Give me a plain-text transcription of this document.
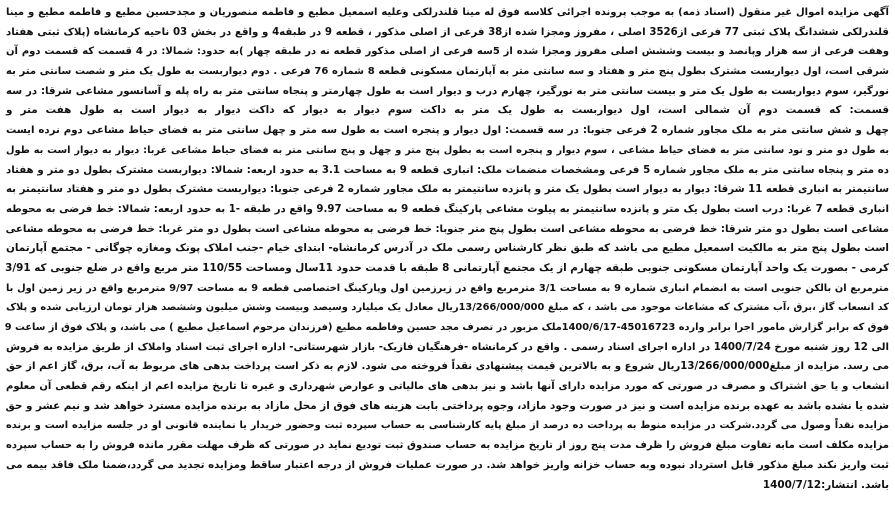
آگهی مزایده اموال غیر منقول (اسناد ذمه) به موجب پرونده اجرائی کلاسه فوق له مینا قلندرلکی وعلیه اسمعیل مطیع و فاطمه منصوریان و مجدحسین مطیع و فاطمه مطیع و مینا
قلندرلکی ششدانگ پلاک ثبتی 77 فرعی از3526 اصلی ، مفروز ومجزا شده از38 فرعی از اصلی مذکور ، قطعه 9 در طبقه4 و واقع در بخش 03 ناحیه کرمانشاه (پلاک ثبتی هفتاد
وهفت فرعی از سه هزار وپانصد و بیست وششش اصلی مفروز ومجزا شده از 5سه فرعی از اصلی مذکور قطعه نه در طبقه چهار )به حدود: شمالا: در 4 قسمت که قسمت دوم آن
شرقی است، اول دیواربست مشترک بطول پنج متر و هفتاد و سه سانتی متر به آپارتمان مسکونی قطعه 8 شماره 76 فرعی . دوم دیواربست به طول یک متر و شصت سانتی متر به
نورگیر، سوم دیواربست به طول یک متر و بیست سانتی متر به نورگیر، چهارم درب و دیوار است به طول چهارمتر و پنجاه سانتی متر به راه پله و آسانسور مشاعی شرقا: در سه
قسمت: که قسمت دوم آن شمالی است، اول دیواربست به طول یک متر به داکت سوم دیوار به دیوار که داکت دیوار به دیوار است به طول هفت متر و
چهل و شش سانتی متر به ملک مجاور شماره 2 فرعی جنوبا: در سه قسمت: اول دیوار و پنجره است به طول سه متر و چهل سانتی متر به فضای حیاط مشاعی دوم نرده ایست
به طول دو متر و نود سانتی متر به فضای حیاط مشاعی ، سوم دیوار و پنجره است به بطول پنج متر و چهل و پنج سانتی متر به فضای حیاط مشاعی غربا: دیوار به دیوار است به طول
ده متر و پنجاه سانتی متر به ملک مجاور شماره 5 فرعی ومشخصات منضمات ملک: انباری قطعه 9 به مساحت 3.1 به حدود اربعه: شمالا: دیواربست مشترک بطول دو متر و هفتاد
سانتیمتر به انباری قطعه 11 شرقا: دیوار به دیوار است بطول یک متر و پانزده سانتیمتر به ملک مجاور شماره 2 فرعی جنوبا: دیواربست مشترک بطول دو متر و هفتاد سانتیمتر به
انباری قطعه 7 غربا: درب است بطول یک متر و پانزده سانتیمتر به پیلوت مشاعی پارکینگ قطعه 9 به مساحت 9.97 واقع در طبقه -1 به حدود اربعه: شمالا: خط فرضی به محوطه
مشاعی است بطول دو متر شرقا: خط فرضی به محوطه مشاعی است بطول پنج متر جنوبا: خط فرضی به محوطه مشاعی است بطول دو متر غربا: خط فرضی به محوطه مشاعی
است بطول پنج متر به مالکیت اسمعیل مطیع می باشد که طبق نظر کارشناس رسمی ملک در آدرس کرمانشاه- ابتدای خیام -جنب املاک پونک ومغازه چوگانی - مجتمع آپارتمان
کرمی - بصورت یک واحد آپارتمان مسکونی جنوبی طبقه چهارم از یک مجتمع آپارتمانی 8 طبقه با قدمت حدود 11سال ومساحت 110/55 متر مربع واقع در ضلع جنوبی که 3/91
مترمربع ان بالکن جنوبی است به انضمام انباری شماره 9 به مساحت 3/1 مترمربع واقع در زیرزمین اول وپارکینگ اختصاصی قطعه 9 به مساحت 9/97 مترمربع واقع در زیر زمین اول با
کد انسعاب گاز ،برق ،آب مشترک که مشاعات موجود می باشد ، که مبلغ 13/266/000/000ریال معادل یک میلیارد وسیصد وبیست وشش میلیون وششصد هزار تومان ارزیابی شده و پلاک
فوق که برابر گزارش مامور اجرا برابر وارده 45016723-1400/6/17ملک مزبور در تصرف مجد حسین وفاطمه مطیع (فرزندان مرحوم اسماعیل مطیع ) می باشد، و پلاک فوق از ساعت 9
الی 12 روز شنبه مورخ 1400/7/24 در اداره اجرای اسناد رسمی . واقع در کرمانشاه -فرهنگیان فازیک- بازار شهرستانی- اداره اجرای ثبت اسناد واملاک از طریق مزایده به فروش
می رسد. مزایده از مبلغ13/266/000/000ریال شروع و به بالاترین قیمت پیشنهادی نقداً فروخته می شود. لازم به ذکر است پرداخت بدهی های مربوط به آب، برق، گاز اعم از حق
انشعاب و یا حق اشتراک و مصرف در صورتی که مورد مزایده دارای آنها باشد و نیز بدهی های مالیاتی و عوارض شهرداری و غیره تا تاریخ مزایده اعم از اینکه رقم قطعی آن معلوم
شده یا نشده باشد به عهده برنده مزایده است و نیز در صورت وجود مازاد، وجوه پرداختی بابت هزینه های فوق از محل مازاد به برنده مزایده مسترد خواهد شد و نیم عشر و حق
مزایده نقداً وصول می گردد.شرکت در مزایده منوط به پرداخت ده درصد از مبلغ پایه کارشناسی به حساب سپرده ثبت وحضور خریدار یا نماینده قانونی او در جلسه مزایده است و برنده
مزایده مکلف است مابه تفاوت مبلغ فروش را ظرف مدت پنج روز از تاریخ مزایده به حساب صندوق ثبت تودیع نماید در صورتی که ظرف مهلت مقرر مانده فروش را به حساب سپرده
ثبت واریز نکند مبلغ مذکور قابل استرداد نبوده وبه حساب خزانه واریز خواهد شد. در صورت عملیات فروش از درجه اعتبار ساقط ومزایده تجدید می گردد،ضمنا ملک فاقد بیمه می
باشد. انتشار:1400/7/12
